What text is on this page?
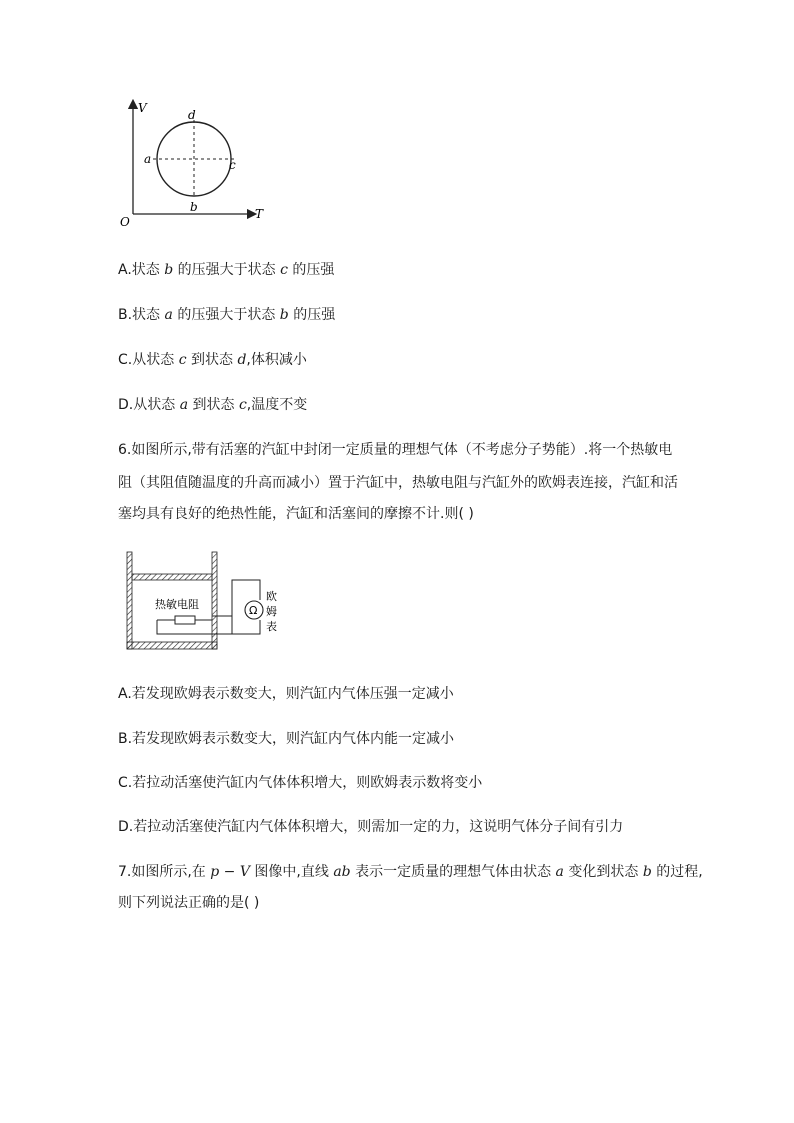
V
T
O
a	c
d
b
A.状态 b 的压强大于状态 c 的压强
B.状态 a 的压强大于状态 b 的压强
C.从状态 c 到状态 d,体积减小
D.从状态 a 到状态 c,温度不变
6.如图所示,带有活塞的汽缸中封闭一定质量的理想气体（不考虑分子势能）.将一个热敏电
阻（其阻值随温度的升高而减小）置于汽缸中，热敏电阻与汽缸外的欧姆表连接，汽缸和活
塞均具有良好的绝热性能，汽缸和活塞间的摩擦不计.则( )
热敏电阻	Ω
欧
姆
表
A.若发现欧姆表示数变大，则汽缸内气体压强一定减小
B.若发现欧姆表示数变大，则汽缸内气体内能一定减小
C.若拉动活塞使汽缸内气体体积增大，则欧姆表示数将变小
D.若拉动活塞使汽缸内气体体积增大，则需加一定的力，这说明气体分子间有引力
7.如图所示,在 p − V 图像中,直线 ab 表示一定质量的理想气体由状态 a 变化到状态 b 的过程,
则下列说法正确的是( )
